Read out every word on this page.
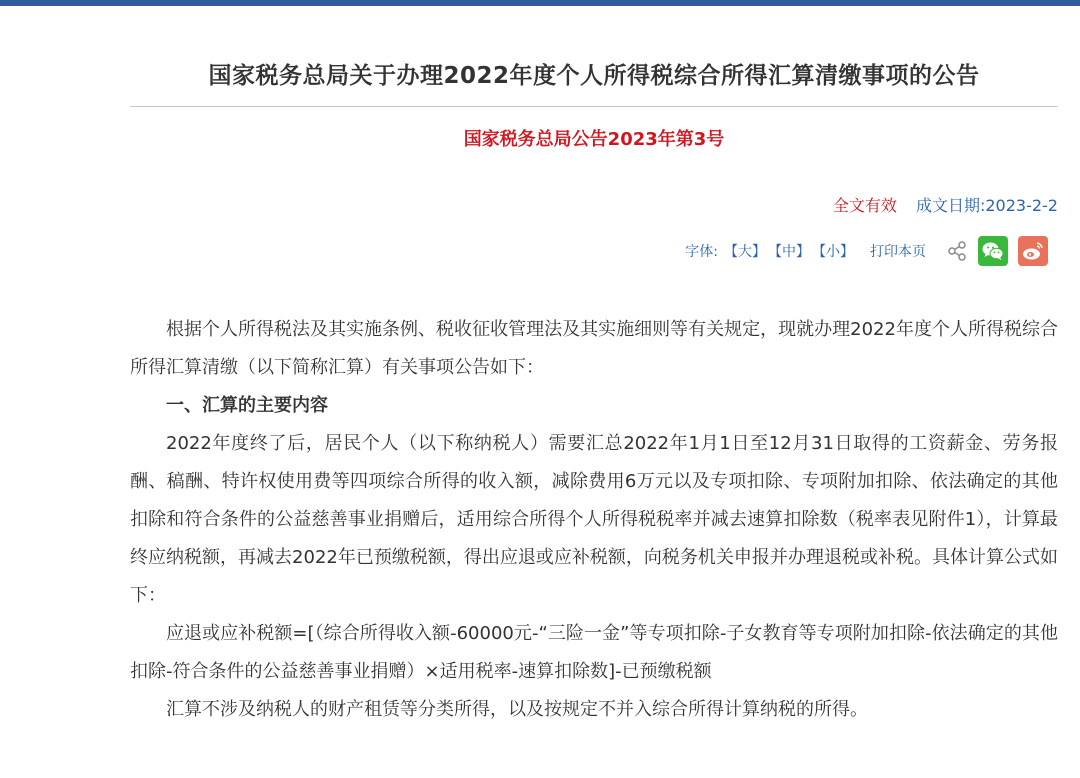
国家税务总局关于办理2022年度个人所得税综合所得汇算清缴事项的公告
国家税务总局公告2023年第3号
全文有效 成文日期:2023-2-2
字体: 【大】 【中】 【小】 打印本页

根据个人所得税法及其实施条例、税收征收管理法及其实施细则等有关规定，现就办理2022年度个人所得税综合所得汇算清缴（以下简称汇算）有关事项公告如下：

一、汇算的主要内容

2022年度终了后，居民个人（以下称纳税人）需要汇总2022年1月1日至12月31日取得的工资薪金、劳务报酬、稿酬、特许权使用费等四项综合所得的收入额，减除费用6万元以及专项扣除、专项附加扣除、依法确定的其他扣除和符合条件的公益慈善事业捐赠后，适用综合所得个人所得税税率并减去速算扣除数（税率表见附件1），计算最终应纳税额，再减去2022年已预缴税额，得出应退或应补税额，向税务机关申报并办理退税或补税。具体计算公式如下：

应退或应补税额=[（综合所得收入额-60000元-“三险一金”等专项扣除-子女教育等专项附加扣除-依法确定的其他扣除-符合条件的公益慈善事业捐赠）×适用税率-速算扣除数]-已预缴税额

汇算不涉及纳税人的财产租赁等分类所得，以及按规定不并入综合所得计算纳税的所得。
